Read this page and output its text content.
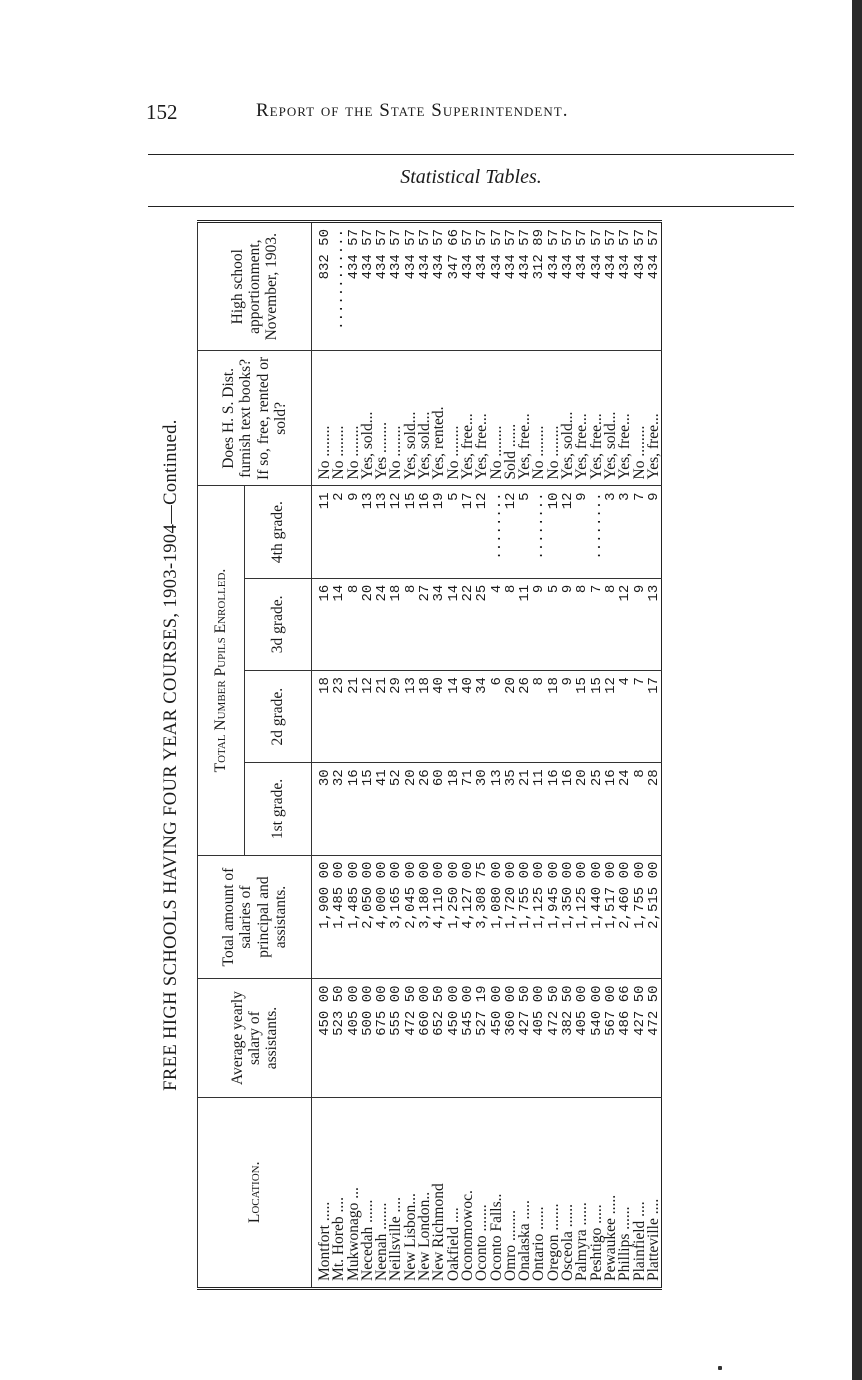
152	Report of the State Superintendent.
Statistical Tables.
FREE HIGH SCHOOLS HAVING FOUR YEAR COURSES, 1903-1904—Continued.
Location.	Average yearly salary of assistants.	Total amount of salaries of principal and assistants.	Total Number Pupils Enrolled.				Does H. S. Dist. furnish text books? If so, free, rented or sold?	High school apportionment, November, 1903.
			1st grade.	2d grade.	3d grade.	4th grade.		
Montfort .....	450 00	1,900 00	30	18	16	11	No ........	832 50
Mt. Horeb ....	523 50	1,485 00	32	23	14	2	No ........	............
Mukwonago ...	405 00	1,485 00	16	21	8	9	No ........	434 57
Necedah ......	500 00	2,050 00	15	12	20	13	Yes, sold...	434 57
Neenah .......	675 00	4,000 00	41	21	24	13	Yes ........	434 57
Neillsville ....	555 00	3,165 00	52	29	18	12	No ........	434 57
New Lisbon...	472 50	2,045 00	20	13	8	15	Yes, sold...	434 57
New London..	660 00	3,180 00	26	18	27	16	Yes, sold...	434 57
New Richmond	652 50	4,110 00	60	40	34	19	Yes, rented.	434 57
Oakfield ....	450 00	1,250 00	18	14	14	5	No ........	347 66
Oconomowoc.	545 00	4,127 00	71	40	22	17	Yes, free...	434 57
Oconto .......	527 19	3,308 75	30	34	25	12	Yes, free...	434 57
Oconto Falls..	450 00	1,080 00	13	6	4	........	No ........	434 57
Omro ........	360 00	1,720 00	35	20	8	12	Sold ......	434 57
Onalaska .....	427 50	1,755 00	21	26	11	5	Yes, free...	434 57
Ontario ......	405 00	1,125 00	11	8	9	........	No ........	312 89
Oregon .......	472 50	1,945 00	16	18	5	10	No ........	434 57
Osceola ......	382 50	1,350 00	16	9	9	12	Yes, sold...	434 57
Palmyra ......	405 00	1,125 00	20	15	8	9	Yes, free...	434 57
Peshtigo .....	540 00	1,440 00	25	15	7	........	Yes, free...	434 57
Pewaukee .....	567 00	1,517 00	16	12	8	3	Yes, sold...	434 57
Phillips ......	486 66	2,460 00	24	4	12	3	Yes, free...	434 57
Plainfield ....	427 50	1,755 00	8	7	9	7	No ........	434 57
Platteville ....	472 50	2,515 00	28	17	13	9	Yes, free...	434 57
